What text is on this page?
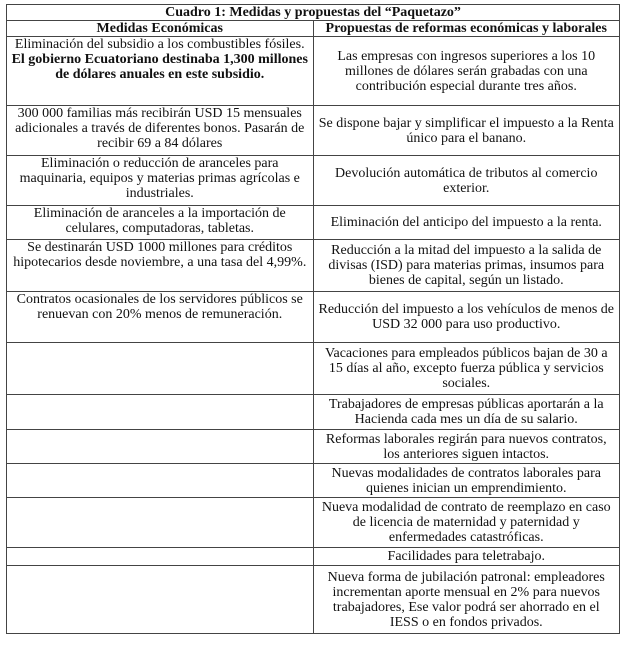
Cuadro 1: Medidas y propuestas del “Paquetazo”	
Medidas Económicas	Propuestas de reformas económicas y laborales
Eliminación del subsidio a los combustibles fósiles. El gobierno Ecuatoriano destinaba 1,300 millones de dólares anuales en este subsidio.	Las empresas con ingresos superiores a los 10 millones de dólares serán grabadas con una contribución especial durante tres años.
300 000 familias más recibirán USD 15 mensuales adicionales a través de diferentes bonos. Pasarán de recibir 69 a 84 dólares	Se dispone bajar y simplificar el impuesto a la Renta único para el banano.
Eliminación o reducción de aranceles para maquinaria, equipos y materias primas agrícolas e industriales.	Devolución automática de tributos al comercio exterior.
Eliminación de aranceles a la importación de celulares, computadoras, tabletas.	Eliminación del anticipo del impuesto a la renta.
Se destinarán USD 1000 millones para créditos hipotecarios desde noviembre, a una tasa del 4,99%.	Reducción a la mitad del impuesto a la salida de divisas (ISD) para materias primas, insumos para bienes de capital, según un listado.
Contratos ocasionales de los servidores públicos se renuevan con 20% menos de remuneración.	Reducción del impuesto a los vehículos de menos de USD 32 000 para uso productivo.
	Vacaciones para empleados públicos bajan de 30 a 15 días al año, excepto fuerza pública y servicios sociales.
	Trabajadores de empresas públicas aportarán a la Hacienda cada mes un día de su salario.
	Reformas laborales regirán para nuevos contratos, los anteriores siguen intactos.
	Nuevas modalidades de contratos laborales para quienes inician un emprendimiento.
	Nueva modalidad de contrato de reemplazo en caso de licencia de maternidad y paternidad y enfermedades catastróficas.
	Facilidades para teletrabajo.
	Nueva forma de jubilación patronal: empleadores incrementan aporte mensual en 2% para nuevos trabajadores, Ese valor podrá ser ahorrado en el IESS o en fondos privados.
